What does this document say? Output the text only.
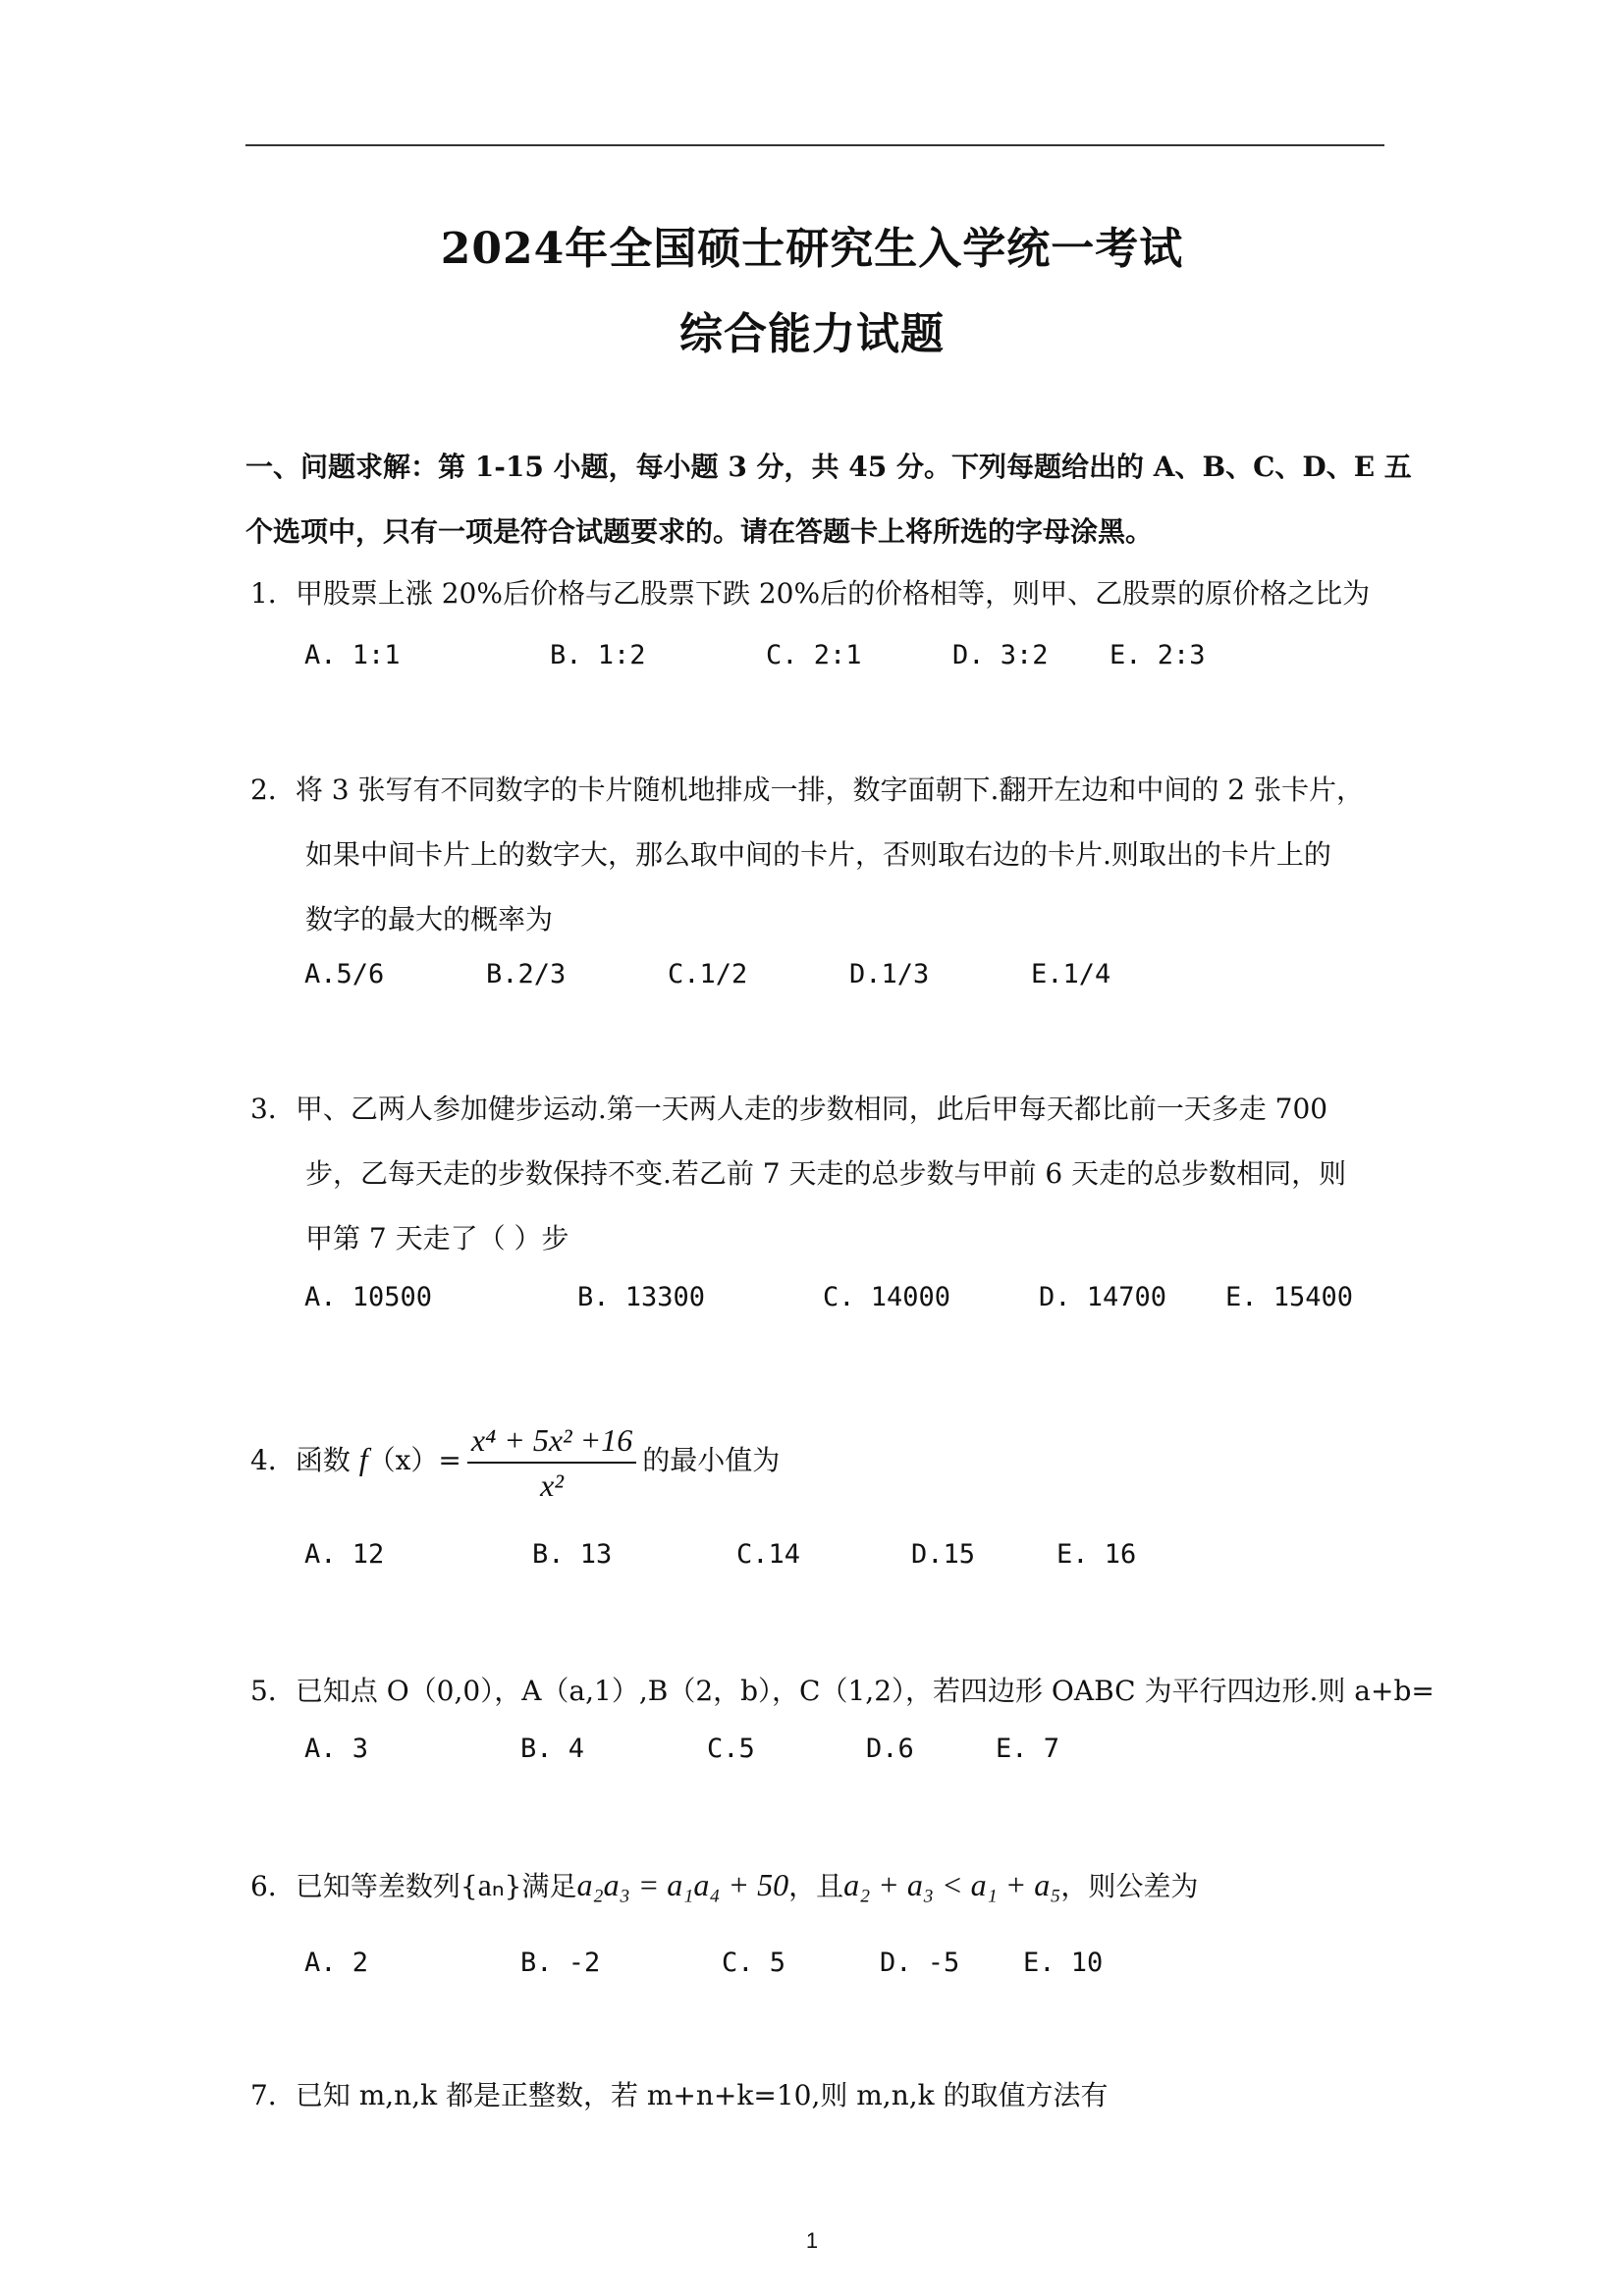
2024年全国硕士研究生入学统一考试
综合能力试题
一、问题求解：第 1-15 小题，每小题 3 分，共 45 分。下列每题给出的 A、B、C、D、E 五
个选项中，只有一项是符合试题要求的。请在答题卡上将所选的字母涂黑。
1．甲股票上涨 20%后价格与乙股票下跌 20%后的价格相等，则甲、乙股票的原价格之比为
A. 1:1	B. 1:2	C. 2:1	D. 3:2 E. 2:3
2．将 3 张写有不同数字的卡片随机地排成一排，数字面朝下.翻开左边和中间的 2 张卡片，
如果中间卡片上的数字大，那么取中间的卡片，否则取右边的卡片.则取出的卡片上的
数字的最大的概率为
A.5/6	B.2/3	C.1/2	D.1/3	E.1/4
3．甲、乙两人参加健步运动.第一天两人走的步数相同，此后甲每天都比前一天多走 700
步，乙每天走的步数保持不变.若乙前 7 天走的总步数与甲前 6 天走的总步数相同，则
甲第 7 天走了（ ）步
A. 10500	B. 13300	C. 14000	D. 14700 E. 15400
4．函数 $f(x)= \frac{\text{x⁴ + 5x² +16}}{\text{x²}}$ 的最小值为
A. 12	B. 13	C.14	D.15	E. 16
5．已知点 O（0,0），A（a,1）,B（2，b），C（1,2），若四边形 OABC 为平行四边形.则 a+b=
A. 3	B. 4	C.5	D.6	E. 7
6．已知等差数列{aₙ}满足a₂a₃ = a₁a₄ + 50，且a₂ + a₃ < a₁ + a₅，则公差为
A. 2	B. -2	C. 5	D. -5 E. 10
7．已知 m,n,k 都是正整数，若 m+n+k=10,则 m,n,k 的取值方法有
1
